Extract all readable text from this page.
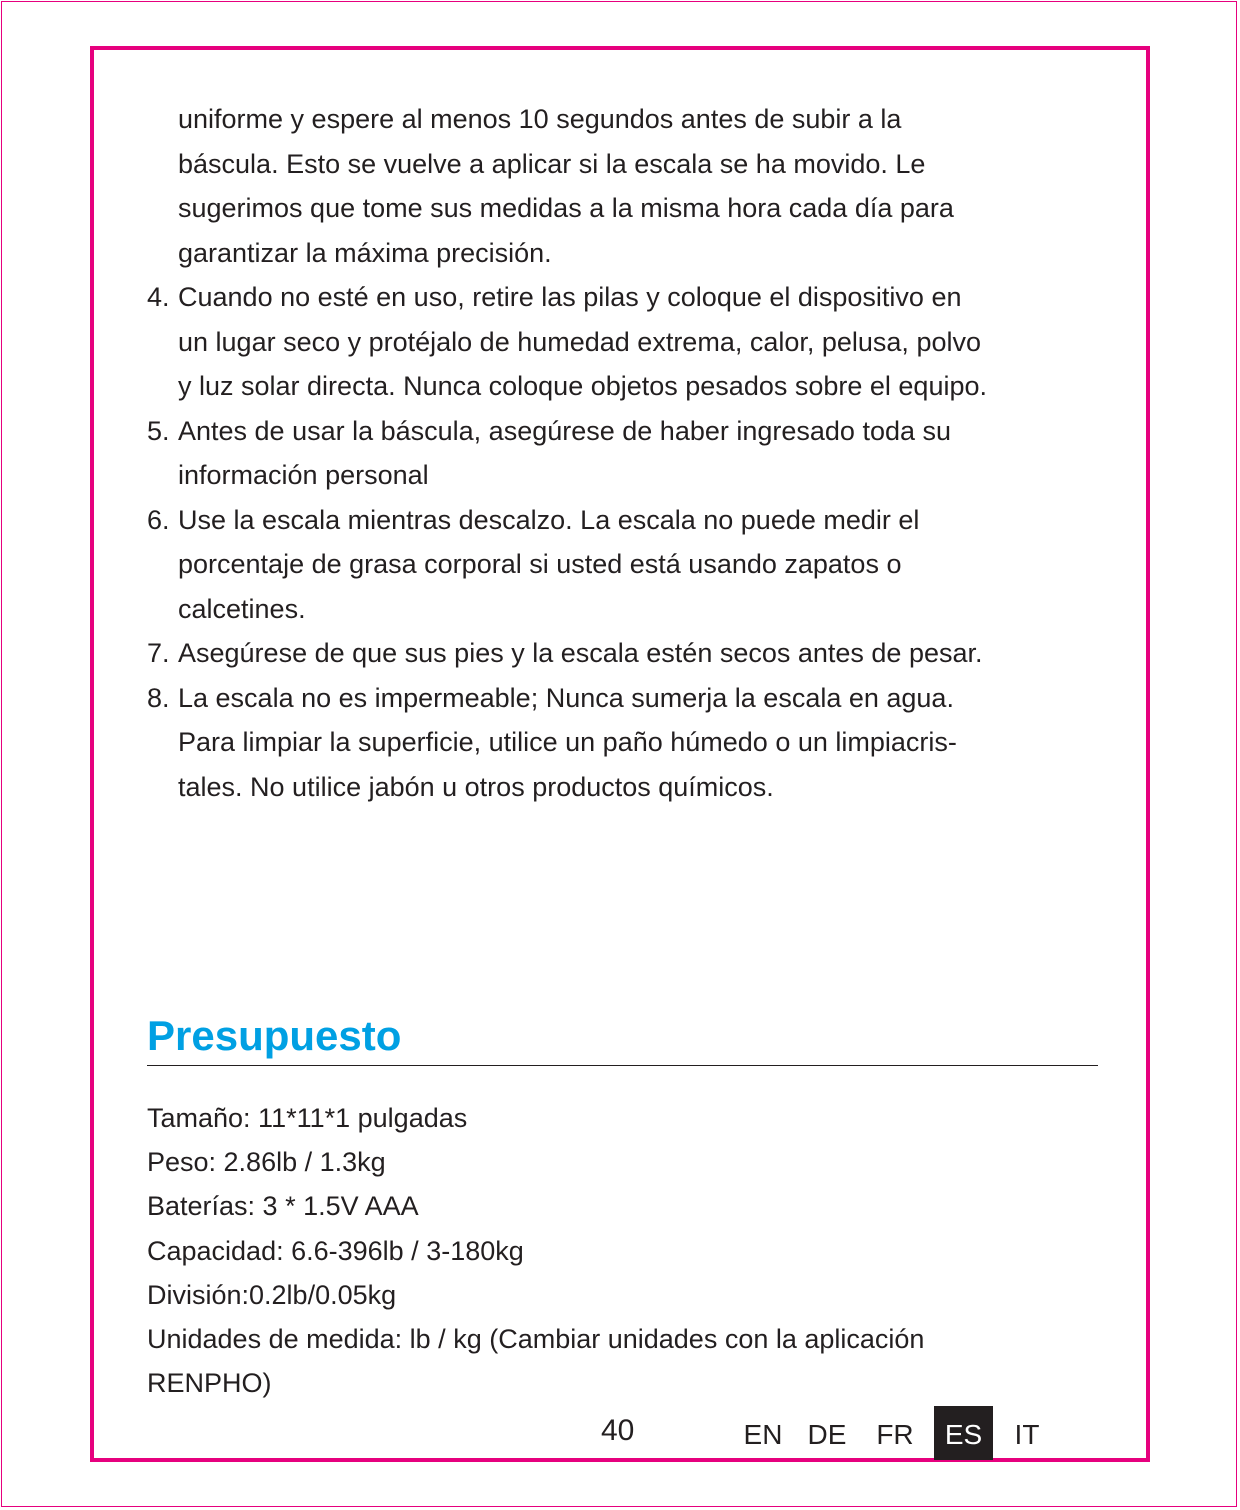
uniforme y espere al menos 10 segundos antes de subir a la
báscula. Esto se vuelve a aplicar si la escala se ha movido. Le
sugerimos que tome sus medidas a la misma hora cada día para
garantizar la máxima precisión.
4. Cuando no esté en uso, retire las pilas y coloque el dispositivo en
un lugar seco y protéjalo de humedad extrema, calor, pelusa, polvo
y luz solar directa. Nunca coloque objetos pesados sobre el equipo.
5. Antes de usar la báscula, asegúrese de haber ingresado toda su
información personal
6. Use la escala mientras descalzo. La escala no puede medir el
porcentaje de grasa corporal si usted está usando zapatos o
calcetines.
7. Asegúrese de que sus pies y la escala estén secos antes de pesar.
8. La escala no es impermeable; Nunca sumerja la escala en agua.
Para limpiar la superficie, utilice un paño húmedo o un limpiacris-
tales. No utilice jabón u otros productos químicos.
Presupuesto
Tamaño: 11*11*1 pulgadas
Peso: 2.86lb / 1.3kg
Baterías: 3 * 1.5V AAA
Capacidad: 6.6-396lb / 3-180kg
División:0.2lb/0.05kg
Unidades de medida: lb / kg (Cambiar unidades con la aplicación
RENPHO)
40	EN DE FR	ES	IT
